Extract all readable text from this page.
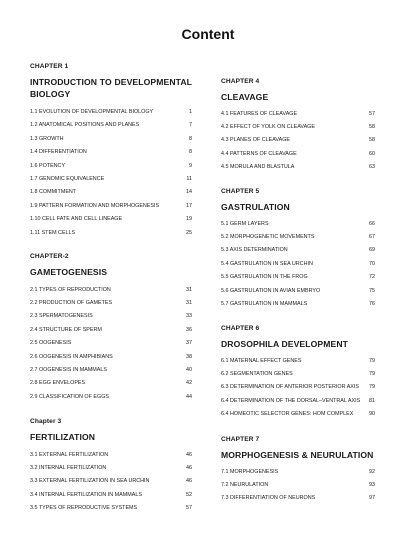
Content
CHAPTER 1
INTRODUCTION TO DEVELOPMENTAL BIOLOGY
1.1 EVOLUTION OF DEVELOPMENTAL BIOLOGY	1
1.2 ANATOMICAL POSITIONS AND PLANES	7
1.3 GROWTH	8
1.4 DIFFERENTIATION	8
1.6 POTENCY	9
1.7 GENOMIC EQUIVALENCE	11
1.8 COMMITMENT	14
1.9 PATTERN FORMATION AND MORPHOGENESIS	17
1.10 CELL FATE AND CELL LINEAGE	19
1.11 STEM CELLS	25
CHAPTER-2
GAMETOGENESIS
2.1 TYPES OF REPRODUCTION	31
2.2 PRODUCTION OF GAMETES	31
2.3 SPERMATOGENESIS	33
2.4 STRUCTURE OF SPERM	36
2.5 OOGENESIS	37
2.6 OOGENESIS IN AMPHIBIANS	38
2.7 OOGENESIS IN MAMMALS	40
2.8 EGG ENVELOPES	42
2.9 CLASSIFICATION OF EGGS	44
Chapter 3
FERTILIZATION
3.1 EXTERNAL FERTILIZATION	46
3.2 INTERNAL FERTILIZATION	46
3.3 EXTERNAL FERTILIZATION IN SEA URCHIN	46
3.4 INTERNAL FERTILIZATION IN MAMMALS	52
3.5 TYPES OF REPRODUCTIVE SYSTEMS	57
CHAPTER 4
CLEAVAGE
4.1 FEATURES OF CLEAVAGE	57
4.2 EFFECT OF YOLK ON CLEAVAGE	58
4.3 PLANES OF CLEAVAGE	58
4.4 PATTERNS OF CLEAVAGE	60
4.5 MORULA AND BLASTULA	63
CHAPTER 5
GASTRULATION
5.1 GERM LAYERS	66
5.2 MORPHOGENETIC MOVEMENTS	67
5.3 AXIS DETERMINATION	69
5.4 GASTRULATION IN SEA URCHIN	70
5.5 GASTRULATION IN THE FROG	72
5.6 GASTRULATION IN AVIAN EMBRYO	75
5.7 GASTRULATION IN MAMMALS	76
CHAPTER 6
DROSOPHILA DEVELOPMENT
6.1 MATERNAL EFFECT GENES	79
6.2 SEGMENTATION GENES	79
6.3 DETERMINATION OF ANTERIOR POSTERIOR AXIS 79
6.4 DETERMINATION OF THE DORSAL–VENTRAL AXIS 81
6.4 HOMEOTIC SELECTOR GENES: HOM COMPLEX	90
CHAPTER 7
MORPHOGENESIS & NEURULATION
7.1 MORPHOGENESIS	92
7.2 NEURULATION	93
7.3 DIFFERENTIATION OF NEURONS	97
